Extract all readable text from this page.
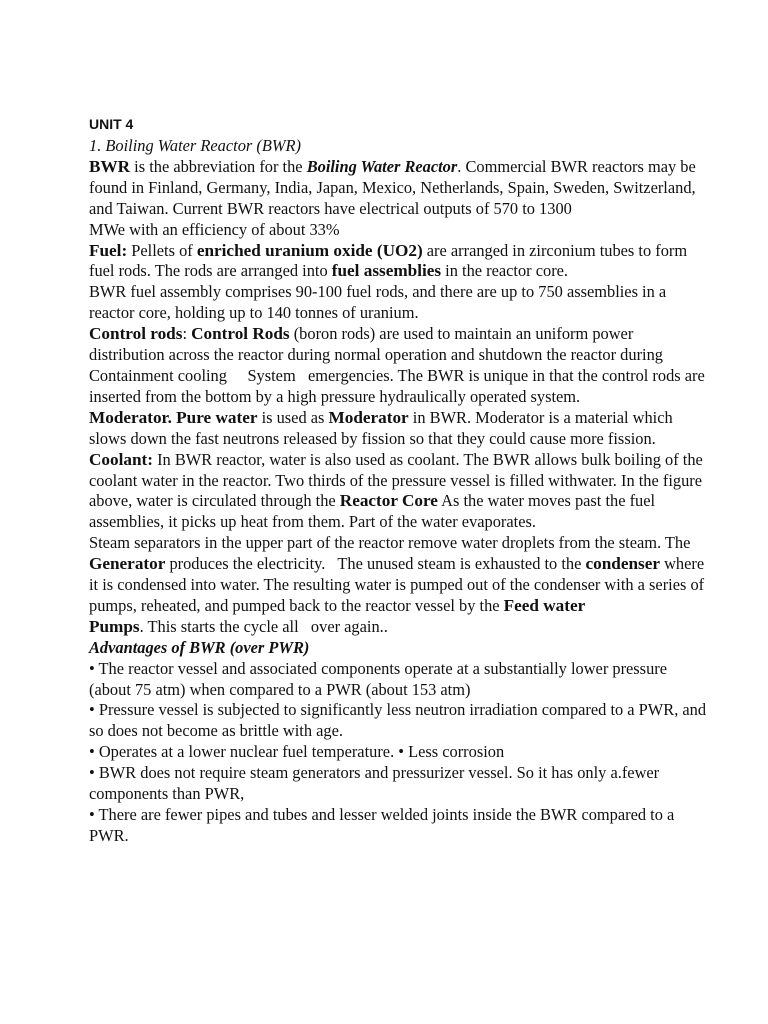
UNIT 4

1. Boiling Water Reactor (BWR)

BWR is the abbreviation for the Boiling Water Reactor. Commercial BWR reactors may be found in Finland, Germany, India, Japan, Mexico, Netherlands, Spain, Sweden, Switzerland, and Taiwan. Current BWR reactors have electrical outputs of 570 to 1300

MWe with an efficiency of about 33%

Fuel: Pellets of enriched uranium oxide (UO2) are arranged in zirconium tubes to form fuel rods. The rods are arranged into fuel assemblies in the reactor core.

BWR fuel assembly comprises 90-100 fuel rods, and there are up to 750 assemblies in a reactor core, holding up to 140 tonnes of uranium.

Control rods: Control Rods (boron rods) are used to maintain an uniform power distribution across the reactor during normal operation and shutdown the reactor during Containment cooling     System   emergencies. The BWR is unique in that the control rods are inserted from the bottom by a high pressure hydraulically operated system.

Moderator. Pure water is used as Moderator in BWR. Moderator is a material which slows down the fast neutrons released by fission so that they could cause more fission.

Coolant: In BWR reactor, water is also used as coolant. The BWR allows bulk boiling of the coolant water in the reactor. Two thirds of the pressure vessel is filled withwater. In the figure above, water is circulated through the Reactor Core As the water moves past the fuel assemblies, it picks up heat from them. Part of the water evaporates.

Steam separators in the upper part of the reactor remove water droplets from the steam. The Generator produces the electricity.   The unused steam is exhausted to the condenser where it is condensed into water. The resulting water is pumped out of the condenser with a series of pumps, reheated, and pumped back to the reactor vessel by the Feed water Pumps. This starts the cycle all   over again..

Advantages of BWR (over PWR)

• The reactor vessel and associated components operate at a substantially lower pressure (about 75 atm) when compared to a PWR (about 153 atm)

• Pressure vessel is subjected to significantly less neutron irradiation compared to a PWR, and so does not become as brittle with age.

• Operates at a lower nuclear fuel temperature. • Less corrosion

• BWR does not require steam generators and pressurizer vessel. So it has only a.fewer components than PWR,

• There are fewer pipes and tubes and lesser welded joints inside the BWR compared to a PWR.
